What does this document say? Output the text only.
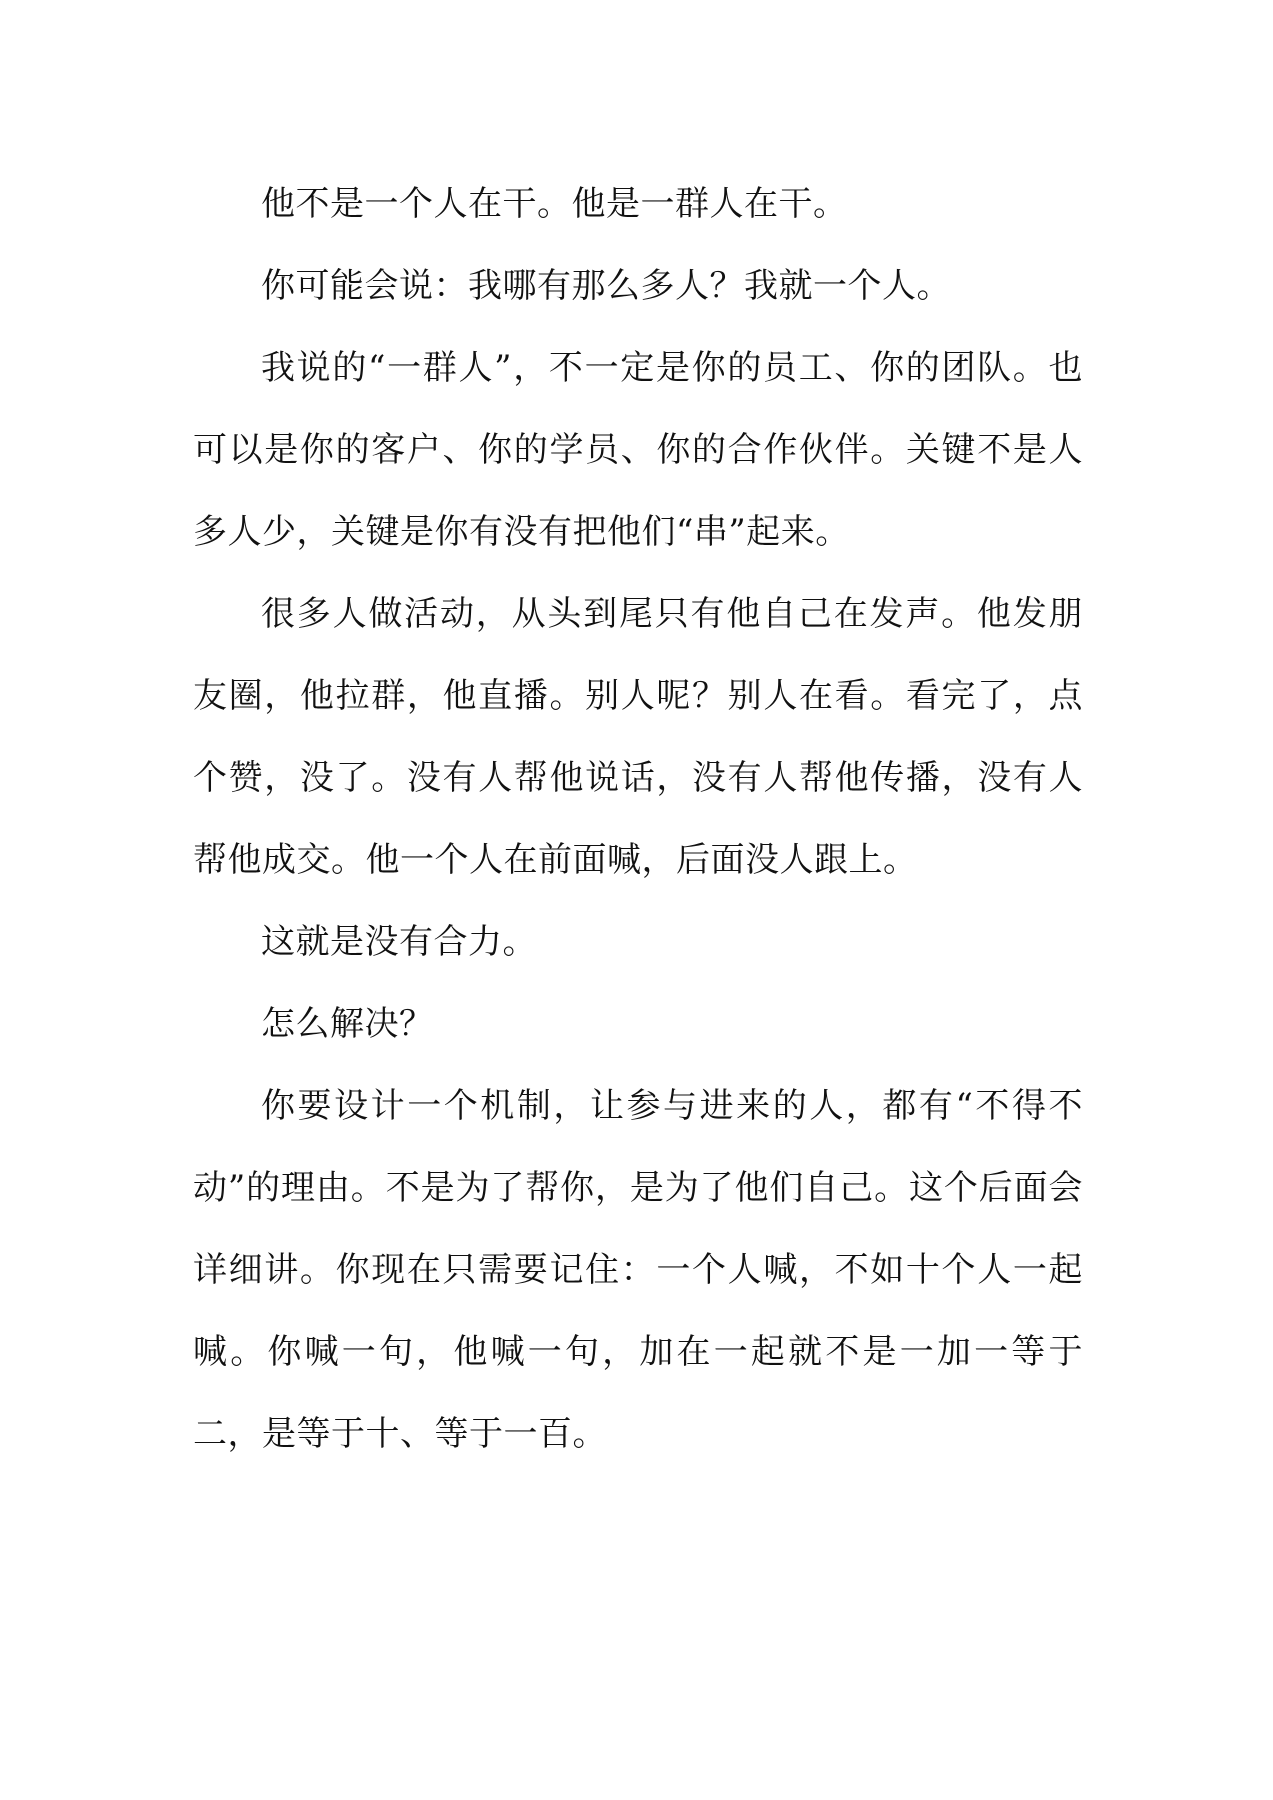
他不是一个人在干。他是一群人在干。

你可能会说：我哪有那么多人？我就一个人。

我说的“一群人”，不一定是你的员工、你的团队。也可以是你的客户、你的学员、你的合作伙伴。关键不是人多人少，关键是你有没有把他们“串”起来。

很多人做活动，从头到尾只有他自己在发声。他发朋友圈，他拉群，他直播。别人呢？别人在看。看完了，点个赞，没了。没有人帮他说话，没有人帮他传播，没有人帮他成交。他一个人在前面喊，后面没人跟上。

这就是没有合力。

怎么解决？

你要设计一个机制，让参与进来的人，都有“不得不动”的理由。不是为了帮你，是为了他们自己。这个后面会详细讲。你现在只需要记住：一个人喊，不如十个人一起喊。你喊一句，他喊一句，加在一起就不是一加一等于二，是等于十、等于一百。
